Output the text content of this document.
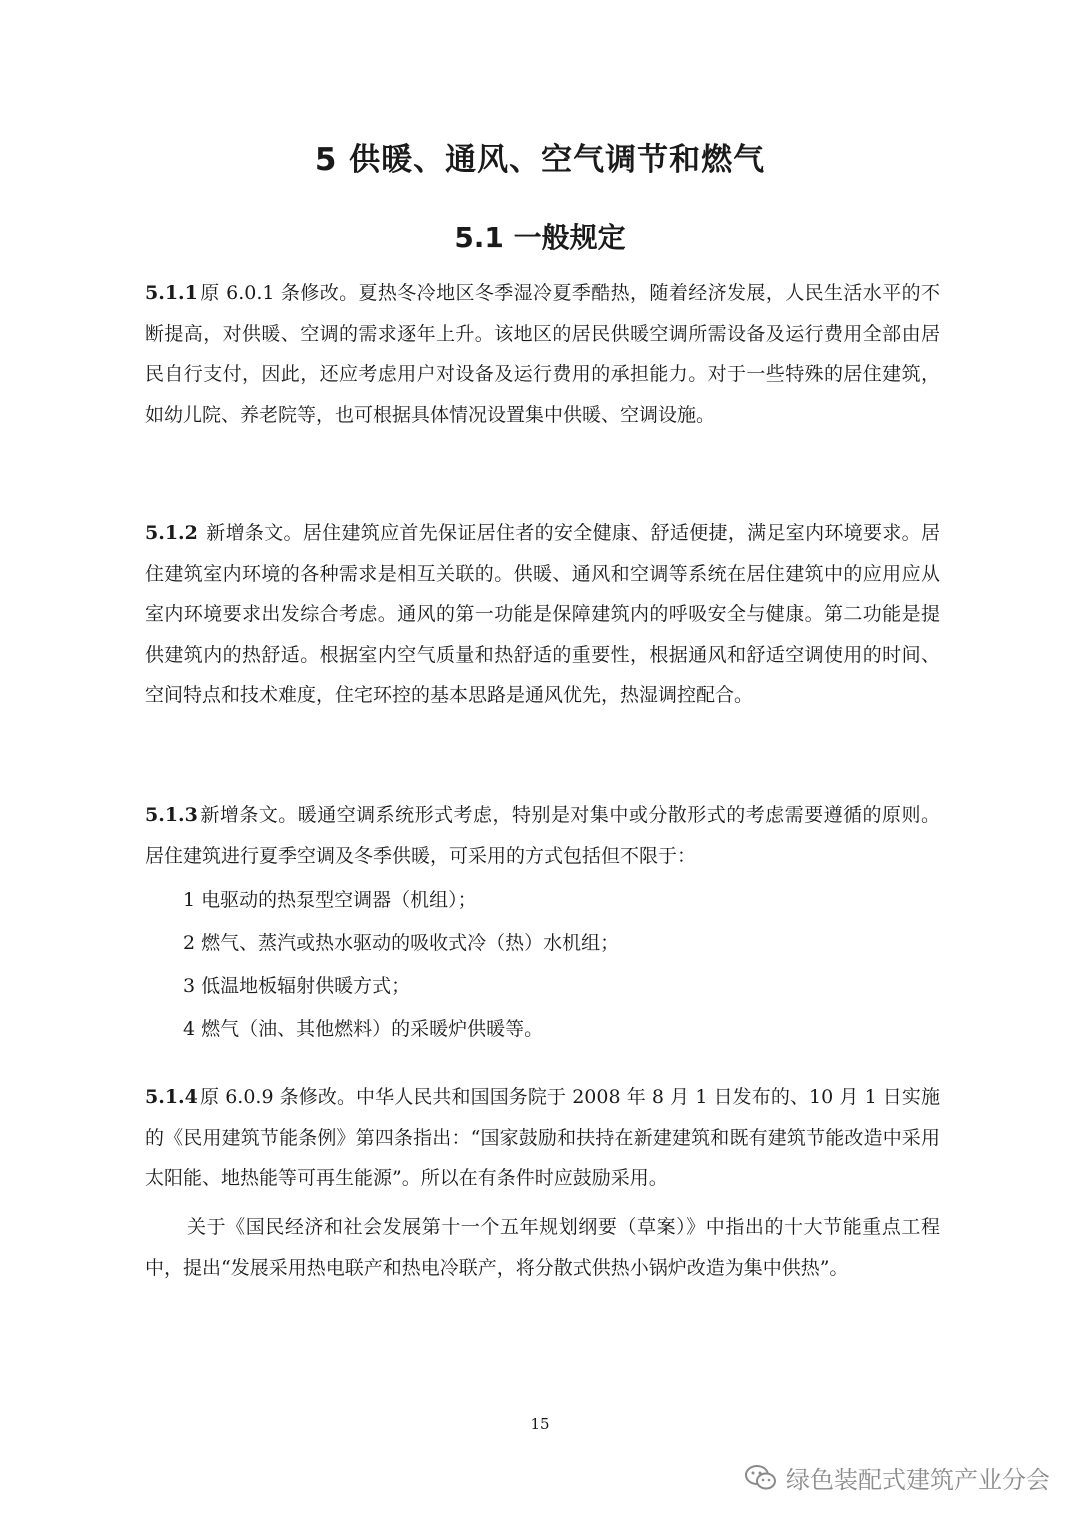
5 供暖、通风、空气调节和燃气
5.1 一般规定

5.1.1 原 6.0.1 条修改。夏热冬冷地区冬季湿冷夏季酷热，随着经济发展，人民生活水平的不断提高，对供暖、空调的需求逐年上升。该地区的居民供暖空调所需设备及运行费用全部由居民自行支付，因此，还应考虑用户对设备及运行费用的承担能力。对于一些特殊的居住建筑，如幼儿院、养老院等，也可根据具体情况设置集中供暖、空调设施。

5.1.2 新增条文。居住建筑应首先保证居住者的安全健康、舒适便捷，满足室内环境要求。居住建筑室内环境的各种需求是相互关联的。供暖、通风和空调等系统在居住建筑中的应用应从室内环境要求出发综合考虑。通风的第一功能是保障建筑内的呼吸安全与健康。第二功能是提供建筑内的热舒适。根据室内空气质量和热舒适的重要性，根据通风和舒适空调使用的时间、空间特点和技术难度，住宅环控的基本思路是通风优先，热湿调控配合。

5.1.3 新增条文。暖通空调系统形式考虑，特别是对集中或分散形式的考虑需要遵循的原则。居住建筑进行夏季空调及冬季供暖，可采用的方式包括但不限于：

1 电驱动的热泵型空调器（机组）；
2 燃气、蒸汽或热水驱动的吸收式冷（热）水机组；
3 低温地板辐射供暖方式；
4 燃气（油、其他燃料）的采暖炉供暖等。

5.1.4 原 6.0.9 条修改。中华人民共和国国务院于 2008 年 8 月 1 日发布的、10 月 1 日实施的《民用建筑节能条例》第四条指出：“国家鼓励和扶持在新建建筑和既有建筑节能改造中采用太阳能、地热能等可再生能源”。所以在有条件时应鼓励采用。

关于《国民经济和社会发展第十一个五年规划纲要（草案）》中指出的十大节能重点工程中，提出“发展采用热电联产和热电冷联产，将分散式供热小锅炉改造为集中供热”。

15
绿色装配式建筑产业分会
